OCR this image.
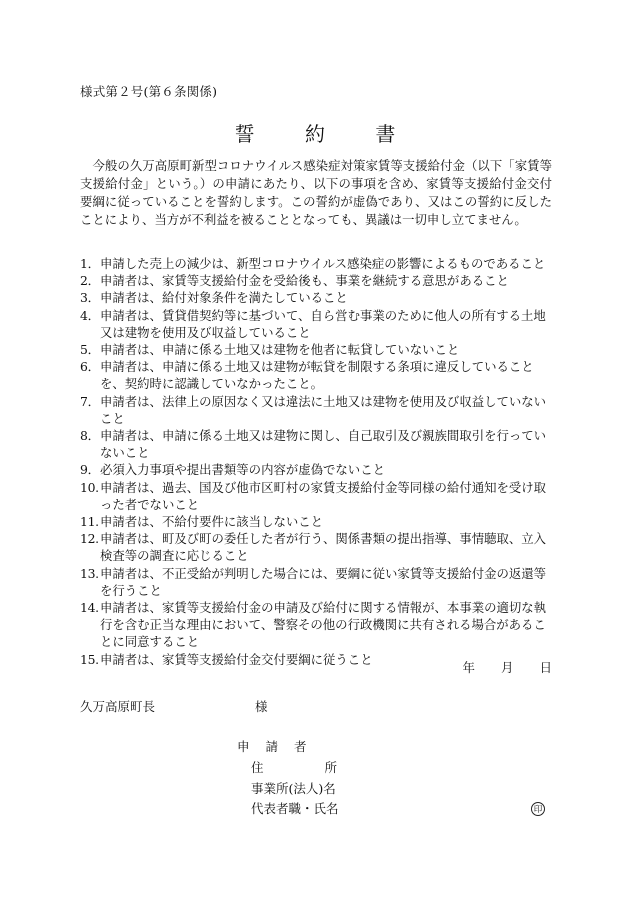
様式第２号(第６条関係)
誓 約 書
今般の久万高原町新型コロナウイルス感染症対策家賃等支援給付金（以下「家賃等支援給付金」という。）の申請にあたり、以下の事項を含め、家賃等支援給付金交付要綱に従っていることを誓約します。この誓約が虚偽であり、又はこの誓約に反したことにより、当方が不利益を被ることとなっても、異議は一切申し立てません。
1． 申請した売上の減少は、新型コロナウイルス感染症の影響によるものであること
2． 申請者は、家賃等支援給付金を受給後も、事業を継続する意思があること
3． 申請者は、給付対象条件を満たしていること
4． 申請者は、賃貸借契約等に基づいて、自ら営む事業のために他人の所有する土地又は建物を使用及び収益していること
5． 申請者は、申請に係る土地又は建物を他者に転貸していないこと
6． 申請者は、申請に係る土地又は建物が転貸を制限する条項に違反していることを、契約時に認識していなかったこと。
7． 申請者は、法律上の原因なく又は違法に土地又は建物を使用及び収益していないこと
8． 申請者は、申請に係る土地又は建物に関し、自己取引及び親族間取引を行っていないこと
9． 必須入力事項や提出書類等の内容が虚偽でないこと
10. 申請者は、過去、国及び他市区町村の家賃支援給付金等同様の給付通知を受け取った者でないこと
11. 申請者は、不給付要件に該当しないこと
12. 申請者は、町及び町の委任した者が行う、関係書類の提出指導、事情聴取、立入検査等の調査に応じること
13. 申請者は、不正受給が判明した場合には、要綱に従い家賃等支援給付金の返還等を行うこと
14. 申請者は、家賃等支援給付金の申請及び給付に関する情報が、本事業の適切な執行を含む正当な理由において、警察その他の行政機関に共有される場合があることに同意すること
15. 申請者は、家賃等支援給付金交付要綱に従うこと
年 月 日
久万高原町長	様
申 請 者
住	所
事業所(法人)名
代表者職・氏名	印
